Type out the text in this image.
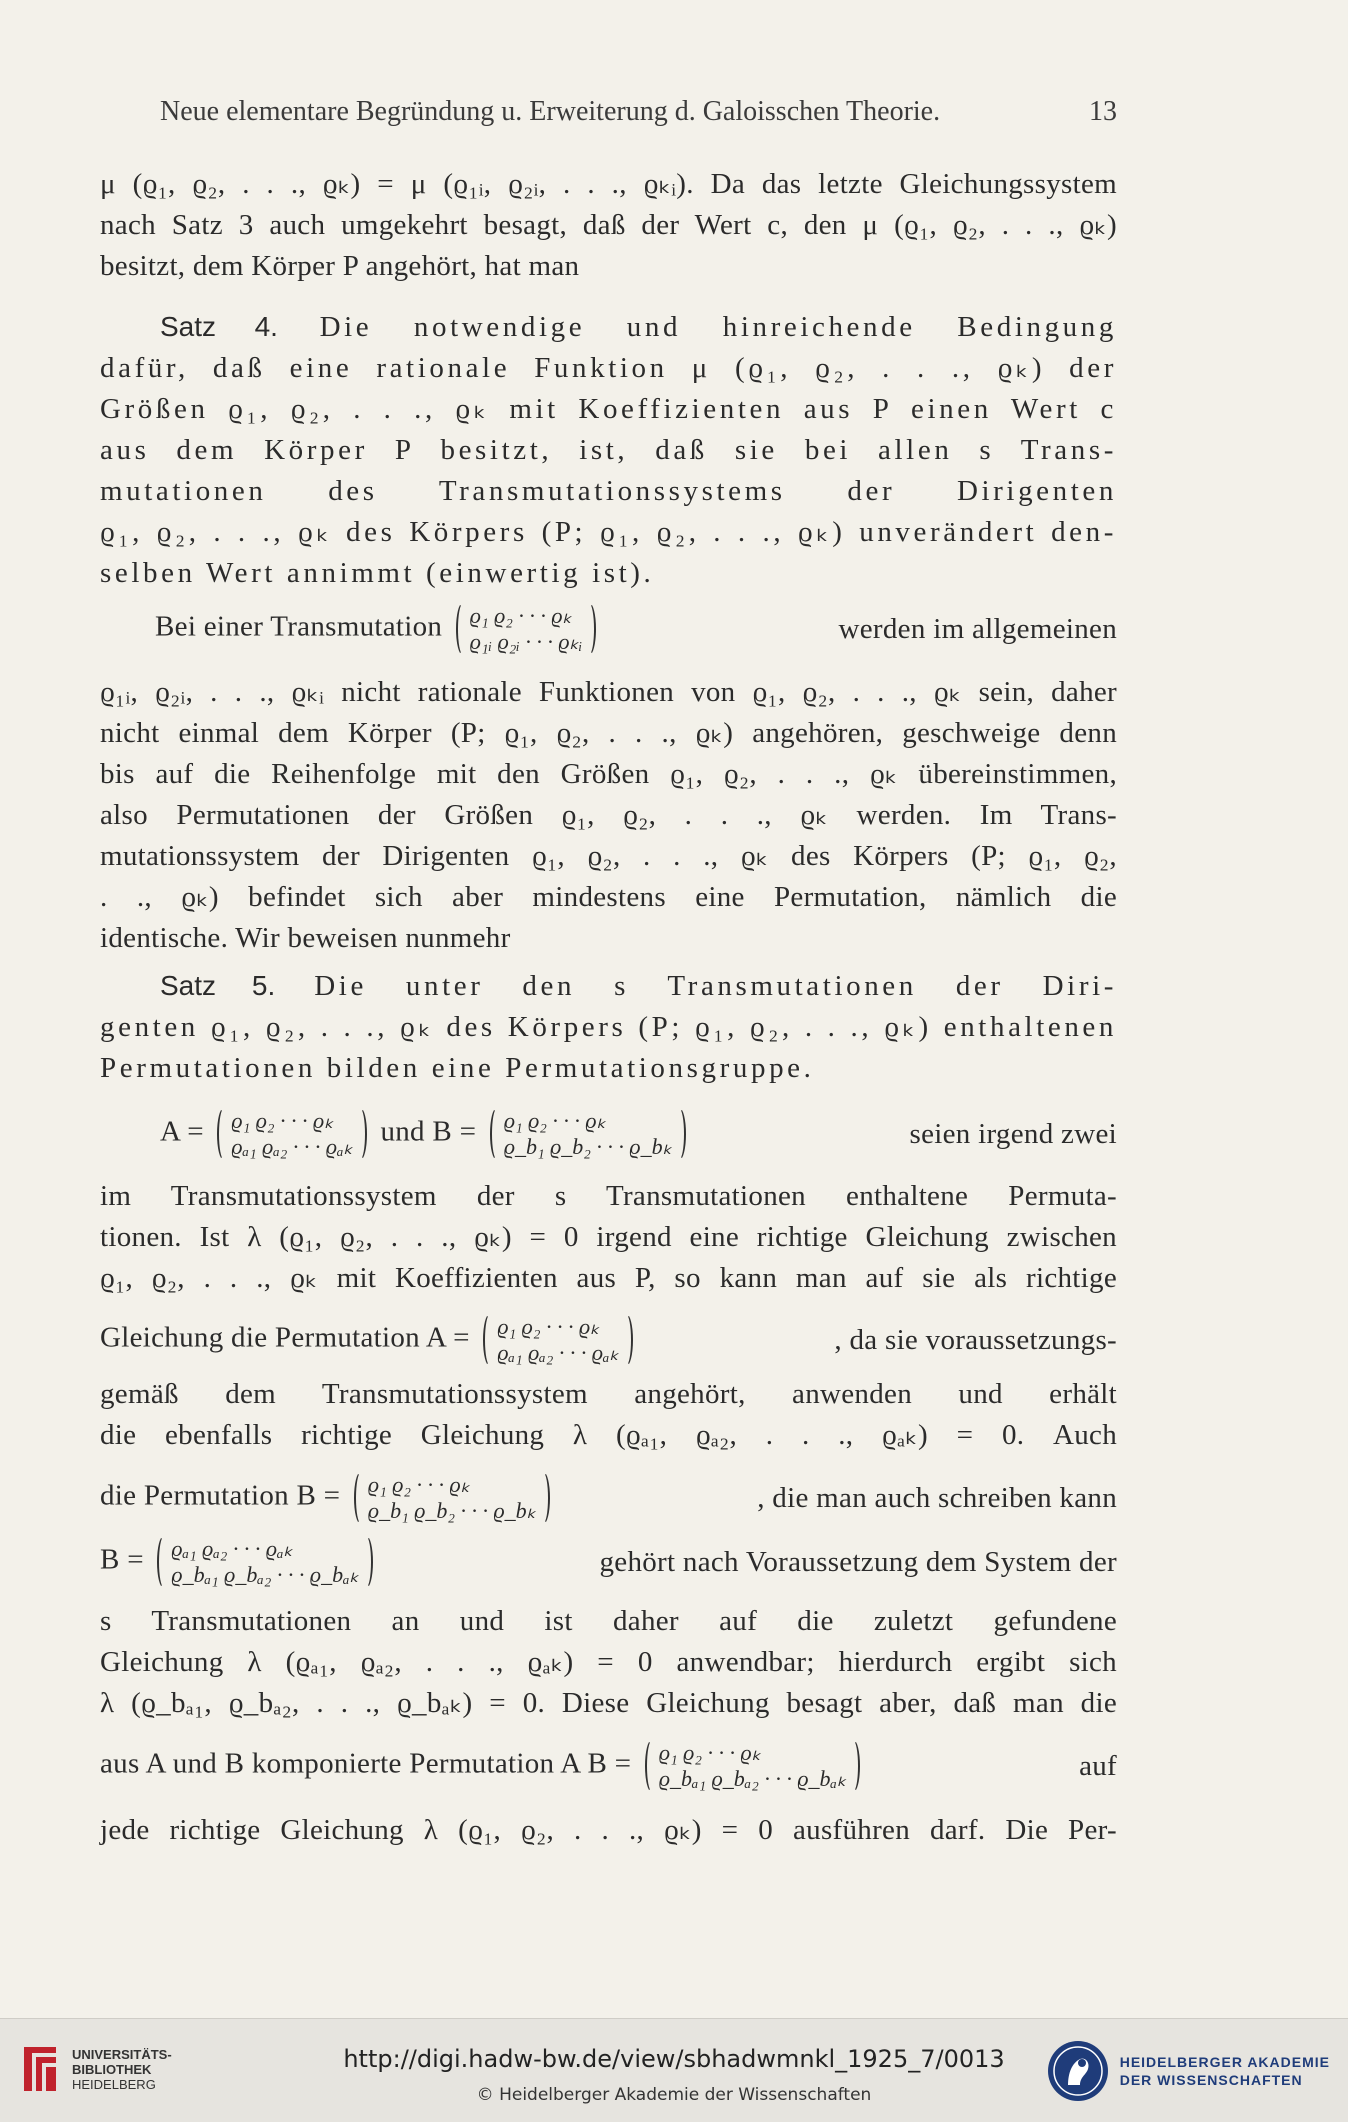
Neue elementare Begründung u. Erweiterung d. Galoisschen Theorie.	13
μ (ϱ₁, ϱ₂, . . ., ϱₖ) = μ (ϱ₁ᵢ, ϱ₂ᵢ, . . ., ϱₖᵢ). Da das letzte Gleichungssystem
nach Satz 3 auch umgekehrt besagt, daß der Wert c, den μ (ϱ₁, ϱ₂, . . ., ϱₖ)
besitzt, dem Körper P angehört, hat man
Satz 4. Die notwendige und hinreichende Bedingung
dafür, daß eine rationale Funktion μ (ϱ₁, ϱ₂, . . ., ϱₖ) der
Größen ϱ₁, ϱ₂, . . ., ϱₖ mit Koeffizienten aus P einen Wert c
aus dem Körper P besitzt, ist, daß sie bei allen s Trans-
mutationen des Transmutationssystems der Dirigenten
ϱ₁, ϱ₂, . . ., ϱₖ des Körpers (P; ϱ₁, ϱ₂, . . ., ϱₖ) unverändert den-
selben Wert annimmt (einwertig ist).
Bei einer Transmutation ϱ₁ ϱ₂ · · · ϱₖ
ϱ₁ᵢ ϱ₂ᵢ · · · ϱₖᵢ	werden im allgemeinen
ϱ₁ᵢ, ϱ₂ᵢ, . . ., ϱₖᵢ nicht rationale Funktionen von ϱ₁, ϱ₂, . . ., ϱₖ sein, daher
nicht einmal dem Körper (P; ϱ₁, ϱ₂, . . ., ϱₖ) angehören, geschweige denn
bis auf die Reihenfolge mit den Größen ϱ₁, ϱ₂, . . ., ϱₖ übereinstimmen,
also Permutationen der Größen ϱ₁, ϱ₂, . . ., ϱₖ werden. Im Trans-
mutationssystem der Dirigenten ϱ₁, ϱ₂, . . ., ϱₖ des Körpers (P; ϱ₁, ϱ₂,
. ., ϱₖ) befindet sich aber mindestens eine Permutation, nämlich die
identische. Wir beweisen nunmehr
Satz 5. Die unter den s Transmutationen der Diri-
genten ϱ₁, ϱ₂, . . ., ϱₖ des Körpers (P; ϱ₁, ϱ₂, . . ., ϱₖ) enthaltenen
Permutationen bilden eine Permutationsgruppe.
A = ϱ₁ ϱ₂ · · · ϱₖ
ϱₐ₁ ϱₐ₂ · · · ϱₐₖ und B = ϱ₁ ϱ₂ · · · ϱₖ
ϱ_b₁ ϱ_b₂ · · · ϱ_bₖ	seien irgend zwei
im Transmutationssystem der s Transmutationen enthaltene Permuta-
tionen. Ist λ (ϱ₁, ϱ₂, . . ., ϱₖ) = 0 irgend eine richtige Gleichung zwischen
ϱ₁, ϱ₂, . . ., ϱₖ mit Koeffizienten aus P, so kann man auf sie als richtige
Gleichung die Permutation A = ϱ₁ ϱ₂ · · · ϱₖ
ϱₐ₁ ϱₐ₂ · · · ϱₐₖ	, da sie voraussetzungs-
gemäß dem Transmutationssystem angehört, anwenden und erhält
die ebenfalls richtige Gleichung λ (ϱₐ₁, ϱₐ₂, . . ., ϱₐₖ) = 0. Auch
die Permutation B = ϱ₁ ϱ₂ · · · ϱₖ
ϱ_b₁ ϱ_b₂ · · · ϱ_bₖ	, die man auch schreiben kann
B = ϱₐ₁ ϱₐ₂ · · · ϱₐₖ
ϱ_bₐ₁ ϱ_bₐ₂ · · · ϱ_bₐₖ	gehört nach Voraussetzung dem System der
s Transmutationen an und ist daher auf die zuletzt gefundene
Gleichung λ (ϱₐ₁, ϱₐ₂, . . ., ϱₐₖ) = 0 anwendbar; hierdurch ergibt sich
λ (ϱ_bₐ₁, ϱ_bₐ₂, . . ., ϱ_bₐₖ) = 0. Diese Gleichung besagt aber, daß man die
aus A und B komponierte Permutation A B = ϱ₁ ϱ₂ · · · ϱₖ
ϱ_bₐ₁ ϱ_bₐ₂ · · · ϱ_bₐₖ	auf
jede richtige Gleichung λ (ϱ₁, ϱ₂, . . ., ϱₖ) = 0 ausführen darf. Die Per-
UNIVERSITÄTS-
BIBLIOTHEK
HEIDELBERG
http://digi.hadw-bw.de/view/sbhadwmnkl_1925_7/0013
© Heidelberger Akademie der Wissenschaften
HEIDELBERGER AKADEMIE
DER WISSENSCHAFTEN
